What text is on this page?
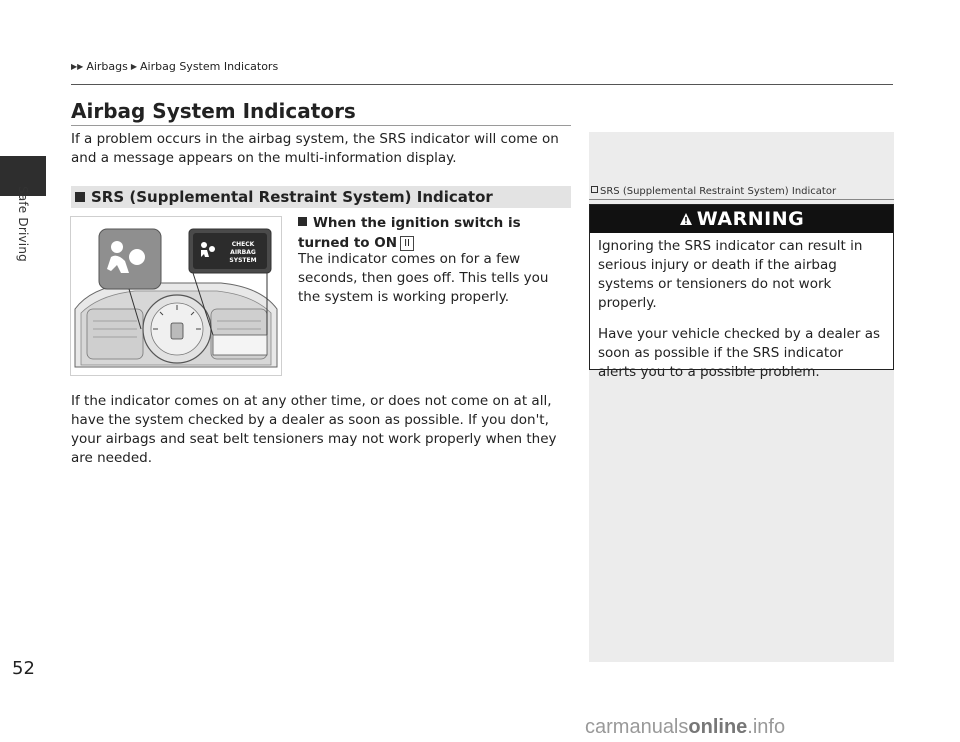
Safe Driving
52
▶▶ Airbags ▶ Airbag System Indicators
Airbag System Indicators

If a problem occurs in the airbag system, the SRS indicator will come on and a message appears on the multi-information display.

SRS (Supplemental Restraint System) Indicator
CHECK
AIRBAG
SYSTEM
When the ignition switch is turned to ON II

The indicator comes on for a few seconds, then goes off. This tells you the system is working properly.

If the indicator comes on at any other time, or does not come on at all, have the system checked by a dealer as soon as possible. If you don't, your airbags and seat belt tensioners may not work properly when they are needed.

SRS (Supplemental Restraint System) Indicator
WARNING

Ignoring the SRS indicator can result in serious injury or death if the airbag systems or tensioners do not work properly.

Have your vehicle checked by a dealer as soon as possible if the SRS indicator alerts you to a possible problem.

carmanualsonline.info
